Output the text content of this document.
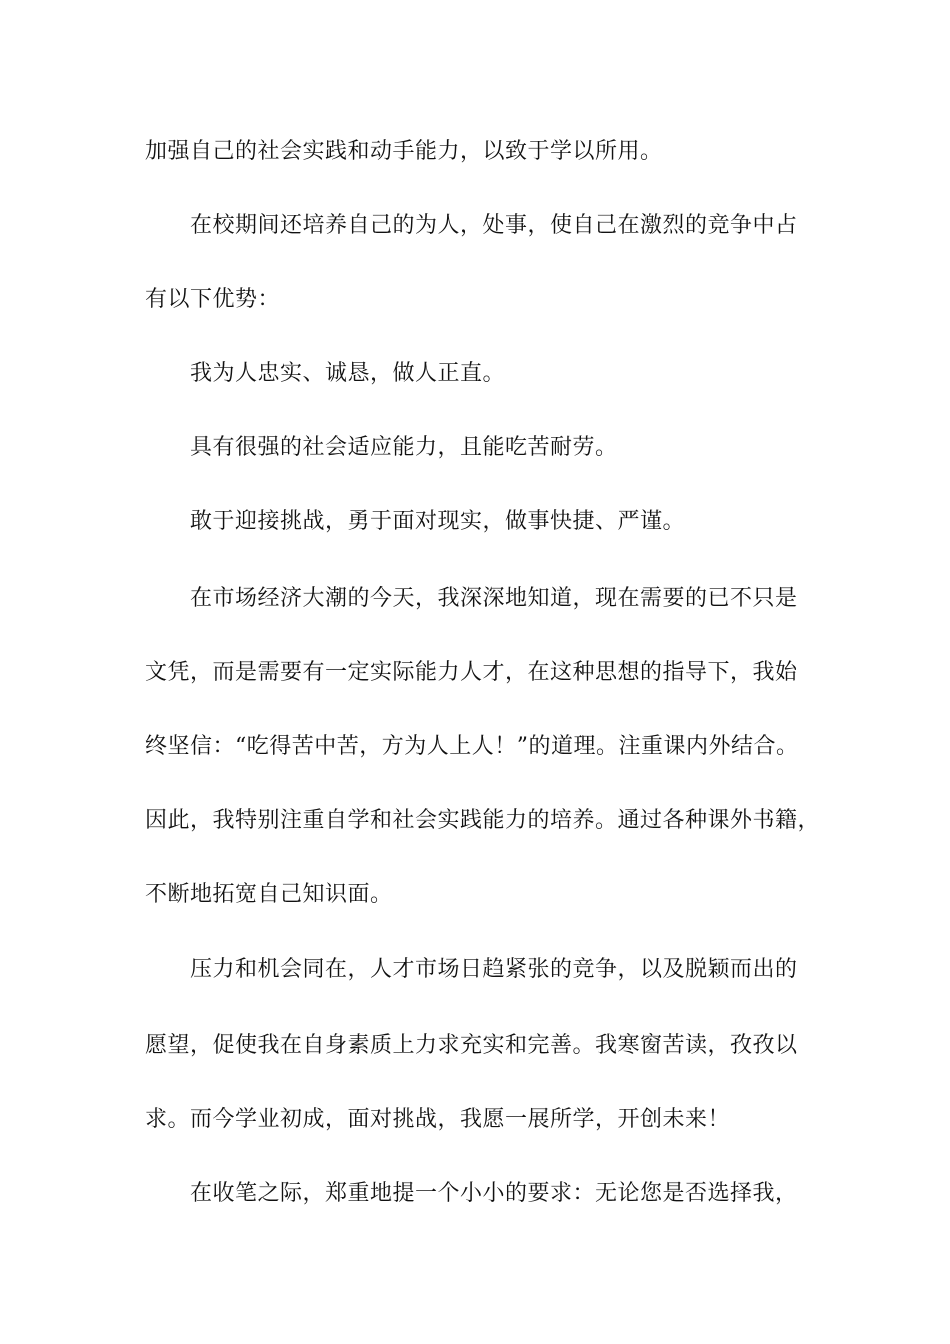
加强自己的社会实践和动手能力，以致于学以所用。

在校期间还培养自己的为人，处事，使自己在激烈的竞争中占

有以下优势：

我为人忠实、诚恳，做人正直。

具有很强的社会适应能力，且能吃苦耐劳。

敢于迎接挑战，勇于面对现实，做事快捷、严谨。

在市场经济大潮的今天，我深深地知道，现在需要的已不只是

文凭，而是需要有一定实际能力人才，在这种思想的指导下，我始

终坚信：“吃得苦中苦，方为人上人！”的道理。注重课内外结合。

因此，我特别注重自学和社会实践能力的培养。通过各种课外书籍，

不断地拓宽自己知识面。

压力和机会同在，人才市场日趋紧张的竞争，以及脱颖而出的

愿望，促使我在自身素质上力求充实和完善。我寒窗苦读，孜孜以

求。而今学业初成，面对挑战，我愿一展所学，开创未来！

在收笔之际，郑重地提一个小小的要求：无论您是否选择我，
